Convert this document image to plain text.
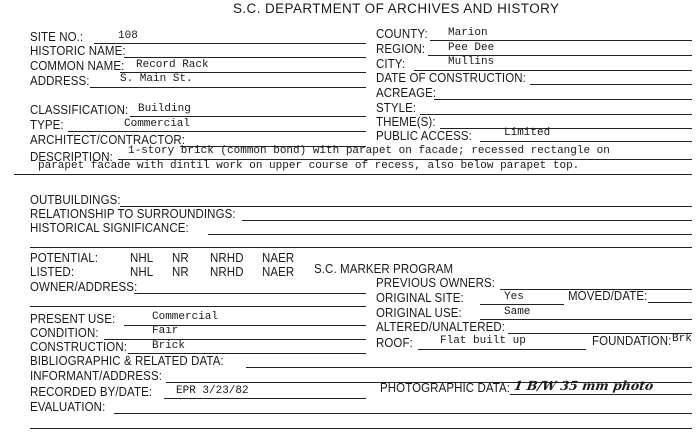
S.C. DEPARTMENT OF ARCHIVES AND HISTORY
SITE NO.:	108
HISTORIC NAME:
COMMON NAME: Record Rack
ADDRESS:	S. Main St.
COUNTY: Marion
REGION: Pee Dee
CITY:	Mullins
DATE OF CONSTRUCTION:
ACREAGE:
CLASSIFICATION: Building
TYPE:	Commercial
ARCHITECT/CONTRACTOR:
STYLE:
THEME(S):
PUBLIC ACCESS:	Limited
DESCRIPTION: 1-story brick (common bond) with parapet on facade; recessed rectangle on
parapet facade with dintil work on upper course of recess, also below parapet top.
OUTBUILDINGS:
RELATIONSHIP TO SURROUNDINGS:
HISTORICAL SIGNIFICANCE:
POTENTIAL:	NHL NR NRHD NAER
LISTED:	NHL NR NRHD NAER S.C. MARKER PROGRAM
OWNER/ADDRESS:	PREVIOUS OWNERS:
ORIGINAL SITE:	Yes	MOVED/DATE:
PRESENT USE:	Commercial	ORIGINAL USE:	Same
CONDITION:	Fair	ALTERED/UNALTERED:
CONSTRUCTION: Brick	ROOF: Flat built up	FOUNDATION: Brk
BIBLIOGRAPHIC & RELATED DATA:
INFORMANT/ADDRESS:
RECORDED BY/DATE: EPR 3/23/82	PHOTOGRAPHIC DATA: 1 B/W 35 mm photo
EVALUATION:
